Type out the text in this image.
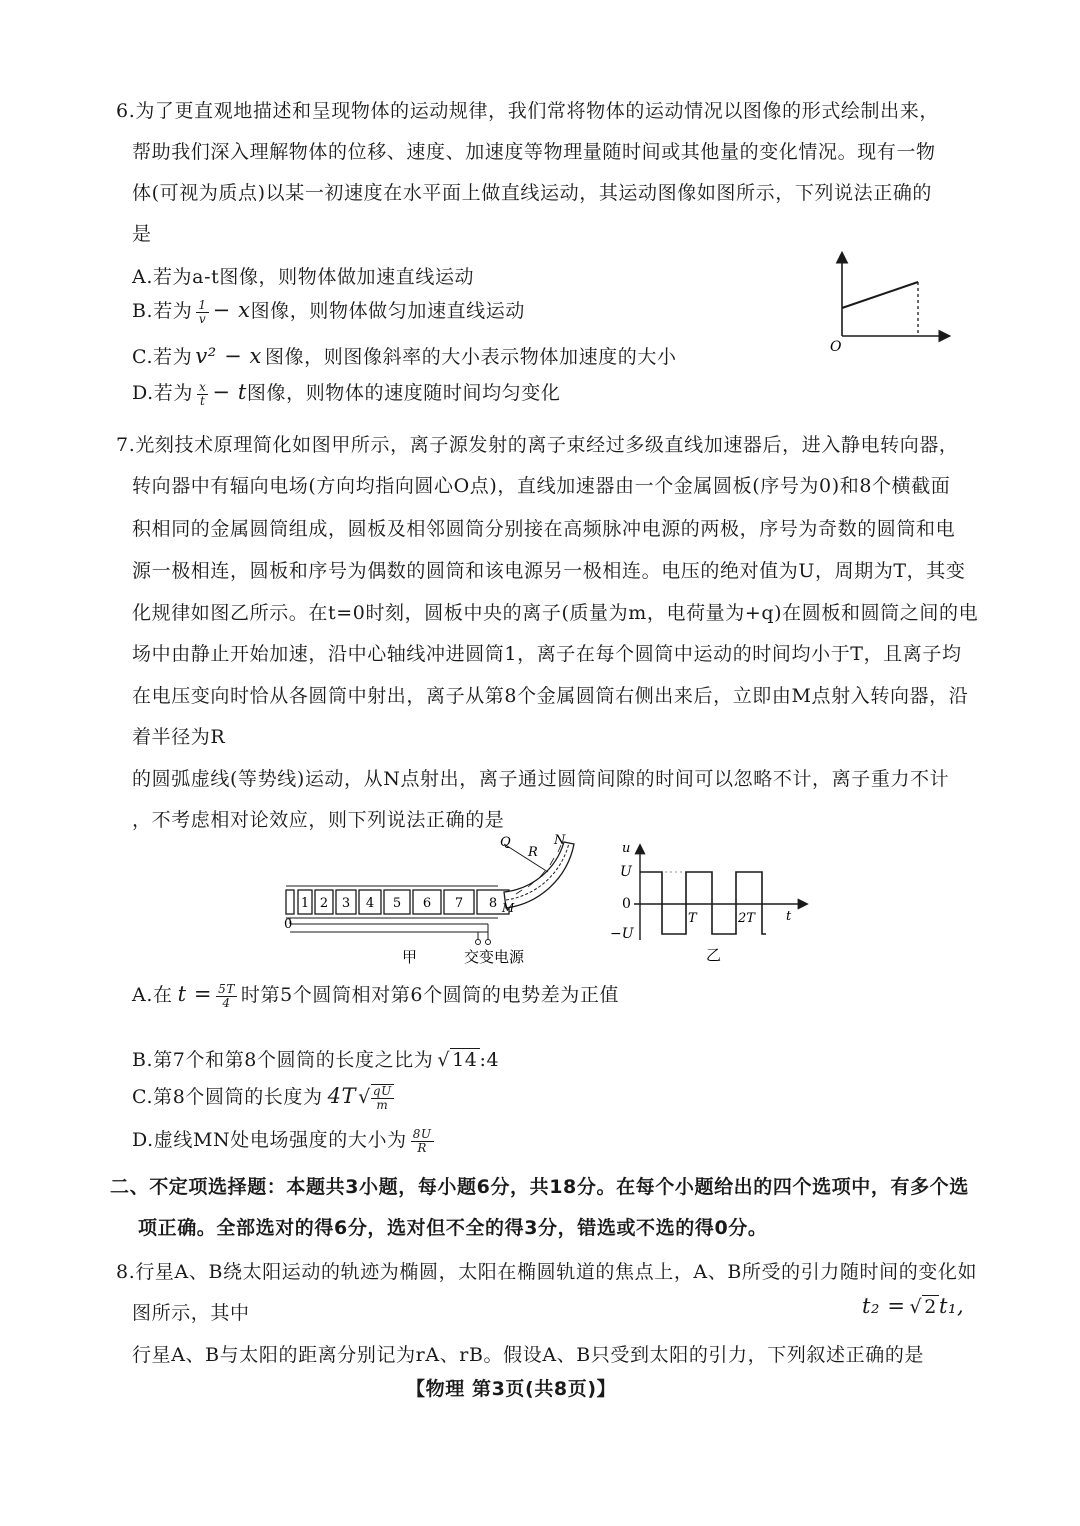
6.为了更直观地描述和呈现物体的运动规律，我们常将物体的运动情况以图像的形式绘制出来，
帮助我们深入理解物体的位移、速度、加速度等物理量随时间或其他量的变化情况。现有一物
体(可视为质点)以某一初速度在水平面上做直线运动，其运动图像如图所示，下列说法正确的
是
A.若为a-t图像，则物体做加速直线运动
B.若为 $\frac{1}{v} - x$图像，则物体做匀加速直线运动
C.若为 v² − x 图像，则图像斜率的大小表示物体加速度的大小
D.若为 $\frac{x}{t} - t$图像，则物体的速度随时间均匀变化
O
7.光刻技术原理简化如图甲所示，离子源发射的离子束经过多级直线加速器后，进入静电转向器，
转向器中有辐向电场(方向均指向圆心O点)，直线加速器由一个金属圆板(序号为0)和8个横截面
积相同的金属圆筒组成，圆板及相邻圆筒分别接在高频脉冲电源的两极，序号为奇数的圆筒和电
源一极相连，圆板和序号为偶数的圆筒和该电源另一极相连。电压的绝对值为U，周期为T，其变
化规律如图乙所示。在t=0时刻，圆板中央的离子(质量为m，电荷量为+q)在圆板和圆筒之间的电
场中由静止开始加速，沿中心轴线冲进圆筒1，离子在每个圆筒中运动的时间均小于T，且离子均
在电压变向时恰从各圆筒中射出，离子从第8个金属圆筒右侧出来后，立即由M点射入转向器，沿
着半径为R
的圆弧虚线(等势线)运动，从N点射出，离子通过圆筒间隙的时间可以忽略不计，离子重力不计
，不考虑相对论效应，则下列说法正确的是
1 2 3 4 5 6 7 8
0
Q
R
N
M
甲	交变电源
u
U
0
−U
T	2T t
乙
A.在 $t = \frac{5T}{4}$ 时第5个圆筒相对第6个圆筒的电势差为正值
B.第7个和第8个圆筒的长度之比为 √ 14 :4
C.第8个圆筒的长度为 4T √ $\frac{qU}{m}$
D.虚线MN处电场强度的大小为 $\frac{8U}{R}$
二、不定项选择题：本题共3小题，每小题6分，共18分。在每个小题给出的四个选项中，有多个选
项正确。全部选对的得6分，选对但不全的得3分，错选或不选的得0分。
8.行星A、B绕太阳运动的轨迹为椭圆，太阳在椭圆轨道的焦点上，A、B所受的引力随时间的变化如
图所示，其中	t₂ = √ 2t₁,
行星A、B与太阳的距离分别记为rA、rB。假设A、B只受到太阳的引力，下列叙述正确的是
【物理 第3页(共8页)】
